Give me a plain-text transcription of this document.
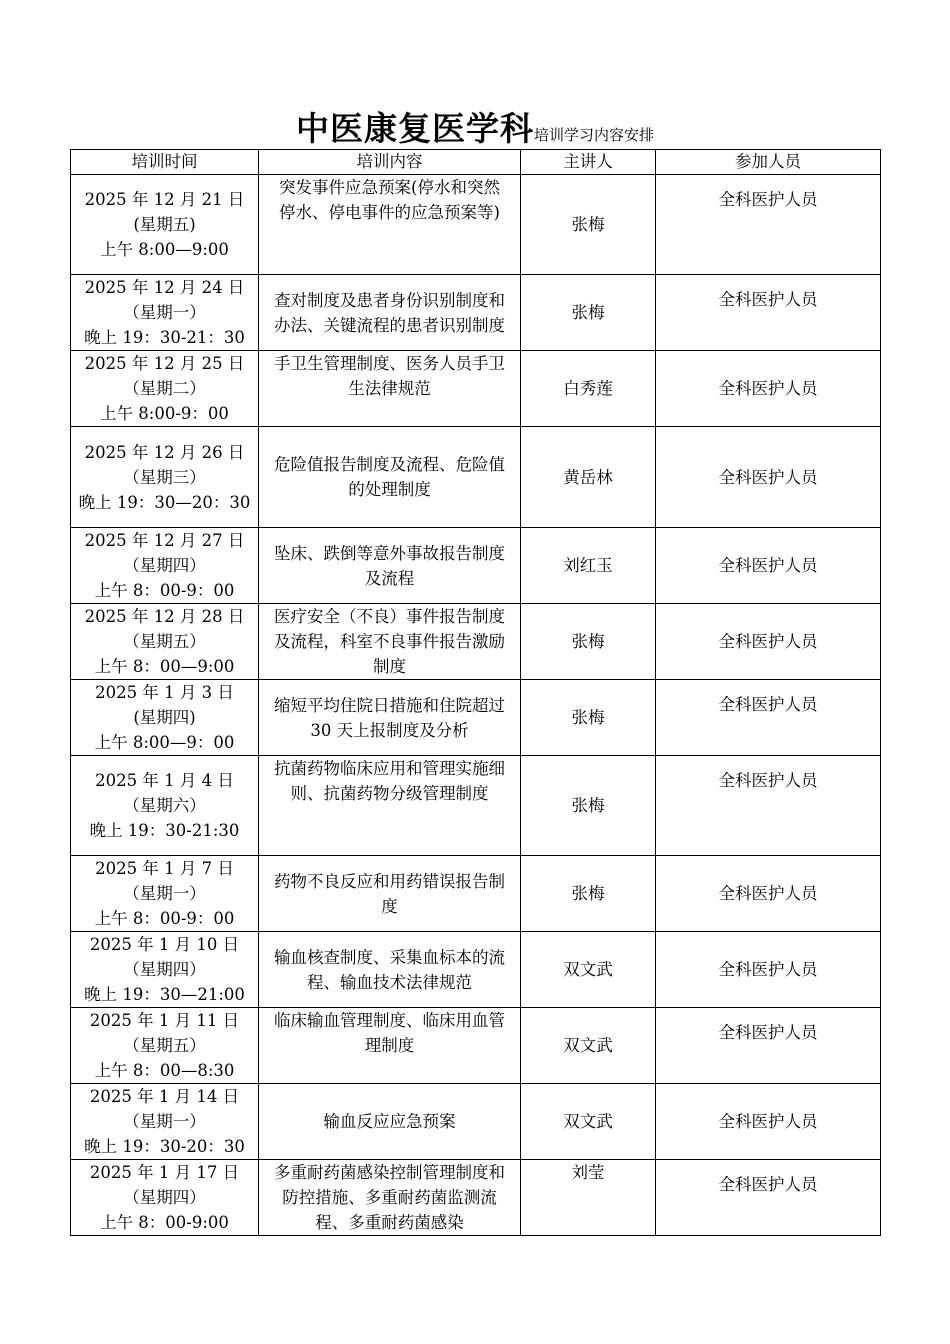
中医康复医学科培训学习内容安排
培训时间	培训内容	主讲人	参加人员

2025 年 12 月 21 日
(星期五)
上午 8:00—9:00	突发事件应急预案(停水和突然停水、停电事件的应急预案等)	张梅	全科医护人员

2025 年 12 月 24 日
（星期一）
晚上 19：30-21：30	查对制度及患者身份识别制度和办法、关键流程的患者识别制度	张梅	全科医护人员

2025 年 12 月 25 日
（星期二）
上午 8:00-9：00	手卫生管理制度、医务人员手卫生法律规范	白秀莲	全科医护人员

2025 年 12 月 26 日
（星期三）
晚上 19：30—20：30	危险值报告制度及流程、危险值的处理制度	黄岳林	全科医护人员

2025 年 12 月 27 日
（星期四）
上午 8：00-9：00	坠床、跌倒等意外事故报告制度及流程	刘红玉	全科医护人员

2025 年 12 月 28 日
（星期五）
上午 8：00—9:00	医疗安全（不良）事件报告制度及流程，科室不良事件报告激励制度	张梅	全科医护人员

2025 年 1 月 3 日
(星期四)
上午 8:00—9：00	缩短平均住院日措施和住院超过 30 天上报制度及分析	张梅	全科医护人员

2025 年 1 月 4 日
（星期六）
晚上 19：30-21:30	抗菌药物临床应用和管理实施细则、抗菌药物分级管理制度	张梅	全科医护人员

2025 年 1 月 7 日
（星期一）
上午 8：00-9：00	药物不良反应和用药错误报告制度	张梅	全科医护人员

2025 年 1 月 10 日
（星期四）
晚上 19：30—21:00	输血核查制度、采集血标本的流程、输血技术法律规范	双文武	全科医护人员

2025 年 1 月 11 日
（星期五）
上午 8：00—8:30	临床输血管理制度、临床用血管理制度	双文武	全科医护人员

2025 年 1 月 14 日
（星期一）
晚上 19：30-20：30	输血反应应急预案	双文武	全科医护人员

2025 年 1 月 17 日
（星期四）
上午 8：00-9:00	多重耐药菌感染控制管理制度和防控措施、多重耐药菌监测流程、多重耐药菌感染	刘莹	全科医护人员
